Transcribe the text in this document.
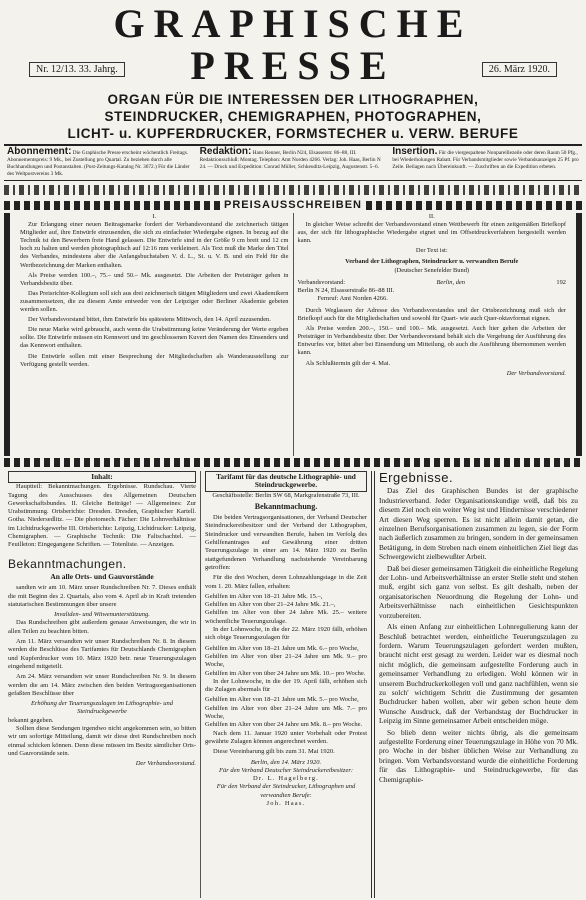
GRAPHISCHE
PRESSE
Nr. 12/13. 33. Jahrg.	26. März 1920.
ORGAN FÜR DIE INTERESSEN DER LITHOGRAPHEN,
STEINDRUCKER, CHEMIGRAPHEN, PHOTOGRAPHEN,
LICHT- u. KUPFERDRUCKER, FORMSTECHER u. VERW. BERUFE
Abonnement: Die Graphische Presse erscheint wöchentlich Freitags. Abonnementspreis: 9 Mk., bei Zustellung pro Quartal. Zu beziehen durch alle Buchhandlungen und Postanstalten. (Post-Zeitungs-Katalog Nr. 3672.) Für die Länder des Weltpostvereins 3 Mk.
Redaktion: Hans Renner, Berlin N24, Elsasserstr. 86–88, III. Redaktionsschluß: Montag. Telephon: Amt Norden 4266. Verlag: Joh. Haas, Berlin N 24. — Druck und Expedition: Conrad Müller, Schkeuditz-Leipzig, Augustenstr. 5–6.
Insertion. Für die viergespaltene Nonpareillezeile oder deren Raum 50 Pfg., bei Wiederholungen Rabatt. Für Verbandsmitglieder sowie Verbandsanzeigen 25 Pf. pro Zeile. Beilagen nach Übereinkunft. — Zuschriften an die Expedition erbeten.
PREISAUSSCHREIBEN
I.

Zur Erlangung einer neuen Beitragsmarke fordert der Verbandsvorstand die zeichnerisch tätigen Mitglieder auf, ihre Entwürfe einzusenden, die sich zu einfachster Wiedergabe eignen. In bezug auf die Technik ist den Bewerbern freie Hand gelassen. Die Entwürfe sind in der Größe 9 cm breit und 12 cm hoch zu halten und werden photographisch auf 12:16 mm verkleinert. Als Text muß die Marke den Titel des Verbandes, mindestens aber die Anfangsbuchstaben V. d. L., St. u. V. B. und ein Feld für die Wertbezeichnung der Marken enthalten.

Als Preise werden 100.–, 75.– und 50.– Mk. ausgesetzt. Die Arbeiten der Preisträger gehen in Verbandsbesitz über.

Das Preisrichter-Kollegium soll sich aus drei zeichnerisch tätigen Mitgliedern und zwei Akademikern zusammensetzen, die zu diesem Amte entweder von der Leipziger oder Berliner Akademie gebeten werden sollen.

Der Verbandsvorstand bittet, ihm Entwürfe bis spätestens Mittwoch, den 14. April zuzusenden.

Die neue Marke wird gebraucht, auch wenn die Urabstimmung keine Veränderung der Werte ergeben sollte. Die Entwürfe müssen ein Kennwort und im geschlossenen Kuvert den Namen des Einsenders und das Kennwort enthalten.

Die Entwürfe sollen mit einer Besprechung der Mitgliedschaften als Wanderausstellung zur Verfügung gestellt werden.

II.

In gleicher Weise schreibt der Verbandsvorstand einen Wettbewerb für einen zeitgemäßen Briefkopf aus, der sich für lithographische Wiedergabe eignet und im Offsetdruckverfahren hergestellt werden kann.

Der Text ist:
Verband der Lithographen, Steindrucker u. verwandten Berufe
(Deutscher Senefelder Bund)
Verbandsvorstand:	Berlin, den	192
Berlin N 24, Elsasserstraße 86–88 III.
Fernruf: Amt Norden 4266.

Durch Weglassen der Adresse des Verbandsvorstandes und der Ortsbezeichnung muß sich der Briefkopf auch für die Mitgliedschaften und sowohl für Quart- wie auch Quer-oktavformat eignen.

Als Preise werden 200.–, 150.– und 100.– Mk. ausgesetzt. Auch hier gehen die Arbeiten der Preisträger in Verbandsbesitz über. Der Verbandsvorstand behält sich die Vergebung der Ausführung des Entwurfes vor, bittet aber bei Einsendung um Mitteilung, ob auch die Ausführung übernommen werden kann.

Als Schlußtermin gilt der 4. Mai.

Der Verbandsvorstand.
Inhalt:

Hauptteil: Bekanntmachungen. Ergebnisse. Rundschau. Vierte Tagung des Ausschusses des Allgemeinen Deutschen Gewerkschaftsbundes. II. Gleiche Beiträge! — Allgemeines: Zur Urabstimmung. Ortsberichte: Dresden. Dresden, Graphischer Kartell. Gotha. Niedersedlitz. — Die photomech. Fächer: Die Lohnverhältnisse im Lichtdruckgewerbe III. Ortsberichte: Leipzig, Lichtdrucker: Leipzig, Chemigraphen. — Graphische Technik: Die Faltschachtel. — Feuilleton: Eingegangene Schriften. — Totenliste. — Anzeigen.

Bekanntmachungen.
An alle Orts- und Gauvorstände

sandten wir am 10. März unser Rundschreiben Nr. 7. Dieses enthält die mit Beginn des 2. Quartals, also vom 4. April ab in Kraft tretenden statutarischen Bestimmungen über unsere

Invaliden- und Witwenunterstützung.

Das Rundschreiben gibt außerdem genaue Anweisungen, die wir in allen Teilen zu beachten bitten.

Am 11. März versandten wir unser Rundschreiben Nr. 8. In diesem werden die Beschlüsse des Tarifamtes für Deutschlands Chemigraphen und Kupferdrucker vom 10. März 1920 betr. neue Teuerungszulagen eingehend mitgeteilt.

Am 24. März versandten wir unser Rundschreiben Nr. 9. In diesem werden die am 14. März zwischen den beiden Vertragsorganisationen gefaßten Beschlüsse über

Erhöhung der Teuerungszulagen im Lithographie- und Steindruckgewerbe
bekannt gegeben.

Sollten diese Sendungen irgendwo nicht angekommen sein, so bitten wir um sofortige Mitteilung, damit wir diese drei Rundschreiben noch einmal schicken können. Denn diese müssen im Besitz sämtlicher Orts- und Gauvorstände sein.

Der Verbandsvorstand.
Tarifamt für das deutsche Lithographie- und Steindruckgewerbe.
Geschäftsstelle: Berlin SW 68, Markgrafenstraße 73, III.
Bekanntmachung.

Die beiden Vertragsorganisationen, der Verband Deutscher Steindruckereibesitzer und der Verband der Lithographen, Steindrucker und verwandten Berufe, haben im Verfolg des Gehilfenantrages auf Gewährung einer dritten Teuerungszulage in einer am 14. März 1920 zu Berlin stattgefundenen Verhandlung nachstehende Vereinbarung getroffen:

Für die drei Wochen, deren Lohnzahlungstage in die Zeit vom 1. 20. März fallen, erhalten:

Gehilfen im Alter von 18–21 Jahre Mk. 15.–,
Gehilfen im Alter von über 21–24 Jahre Mk. 21.–,
Gehilfen im Alter von über 24 Jahre Mk. 25.– weitere wöchentliche Teuerungszulage.

In der Lohnwoche, in die der 22. März 1920 fällt, erhöhen sich obige Teuerungszulagen für

Gehilfen im Alter von 18–21 Jahre um Mk. 6.– pro Woche,
Gehilfen im Alter von über 21–24 Jahre um Mk. 9.– pro Woche,
Gehilfen im Alter von über 24 Jahre um Mk. 10.– pro Woche.

In der Lohnwoche, in die der 19. April fällt, erhöhen sich die Zulagen abermals für

Gehilfen im Alter von 18–21 Jahre um Mk. 5.– pro Woche,
Gehilfen im Alter von über 21–24 Jahre um Mk. 7.– pro Woche,
Gehilfen im Alter von über 24 Jahre um Mk. 8.– pro Woche.

Nach dem 11. Januar 1920 unter Vorbehalt oder Protest gewährte Zulagen können angerechnet werden.

Diese Vereinbarung gilt bis zum 31. Mai 1920.

Berlin, den 14. März 1920.
Für den Verband Deutscher Steindruckereibesitzer:
Dr. L. Hagelberg.
Für den Verband der Steindrucker, Lithographen und verwandten Berufe:
Joh. Haas.
Ergebnisse.

Das Ziel des Graphischen Bundes ist der graphische Industrieverband. Jeder Organisationskundige weiß, daß bis zu diesem Ziel noch ein weiter Weg ist und Hindernisse verschiedener Art diesen Weg sperren. Es ist nicht allein damit getan, die einzelnen Berufsorganisationen zusammen zu legen, sie der Form nach äußerlich zusammen zu bringen, sondern in der gemeinsamen Betätigung, in dem Streben nach einem einheitlichen Ziel liegt das Schwergewicht zielbewußter Arbeit.

Daß bei dieser gemeinsamen Tätigkeit die einheitliche Regelung der Lohn- und Arbeitsverhältnisse an erster Stelle steht und stehen muß, ergibt sich ganz von selbst. Es gilt deshalb, neben der organisatorischen Neuordnung die Regelung der Lohn- und Arbeitsverhältnisse nach einheitlichen Gesichtspunkten vorzubereiten.

Als einen Anfang zur einheitlichen Lohnregulierung kann der Beschluß betrachtet werden, einheitliche Teuerungszulagen zu fordern. Warum Teuerungszulagen gefordert werden mußten, braucht nicht erst gesagt zu werden. Leider war es diesmal noch nicht möglich, die gemeinsam aufgestellte Forderung auch in gemeinsamer Verhandlung zu erledigen. Wohl können wir in unserem Buchdruckerkollegen voll und ganz nachfühlen, wenn sie zu solch' wichtigem Schritt die Zustimmung der gesamten Buchdrucker haben wollen, aber wir geben schon heute dem Wunsche Ausdruck, daß der Verbandstag der Buchdrucker in Leipzig im Sinne gemeinsamer Arbeit entscheiden möge.

So blieb denn weiter nichts übrig, als die gemeinsam aufgestellte Forderung einer Teuerungszulage in Höhe von 70 Mk. pro Woche in der bisher üblichen Weise zur Verhandlung zu bringen. Vom Verbandsvorstand wurde die einheitliche Forderung für das Lithographie- und Steindruckgewerbe, für das Chemigraphie-
